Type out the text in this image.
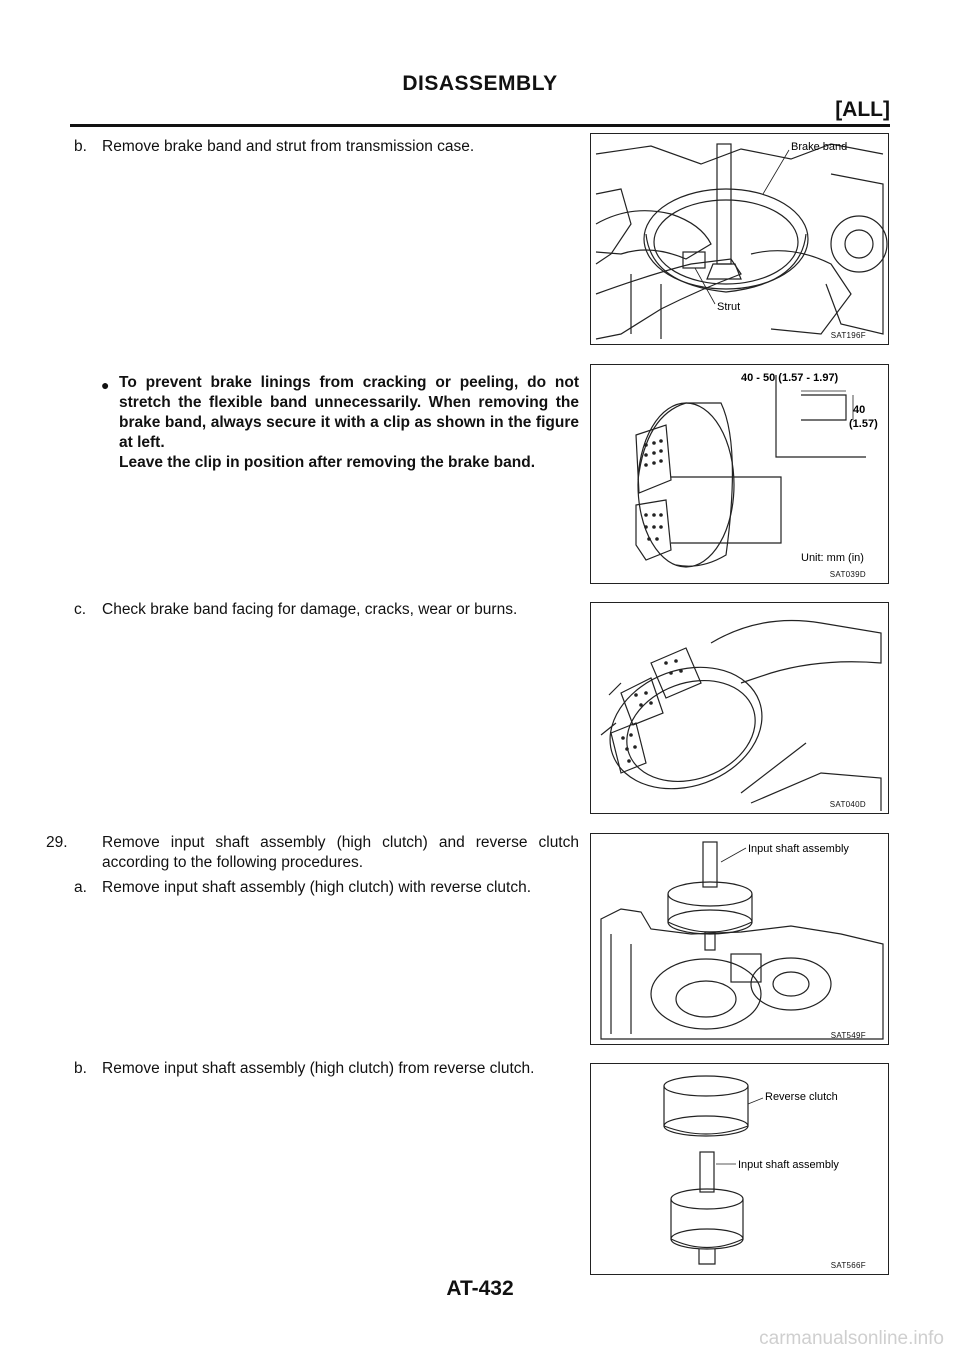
DISASSEMBLY
[ALL]
b. Remove brake band and strut from transmission case.
● To prevent brake linings from cracking or peeling, do not stretch the flexible band unnecessarily. When removing the brake band, always secure it with a clip as shown in the figure at left.
Leave the clip in position after removing the brake band.
c. Check brake band facing for damage, cracks, wear or burns.
29. Remove input shaft assembly (high clutch) and reverse clutch according to the following procedures.
a. Remove input shaft assembly (high clutch) with reverse clutch.
b. Remove input shaft assembly (high clutch) from reverse clutch.
Brake band
Strut
SAT196F
40 - 50 (1.57 - 1.97)
40
(1.57)
Unit: mm (in)
SAT039D
SAT040D
Input shaft assembly
SAT549F
Reverse clutch
Input shaft assembly
SAT566F
AT-432
carmanualsonline.info
